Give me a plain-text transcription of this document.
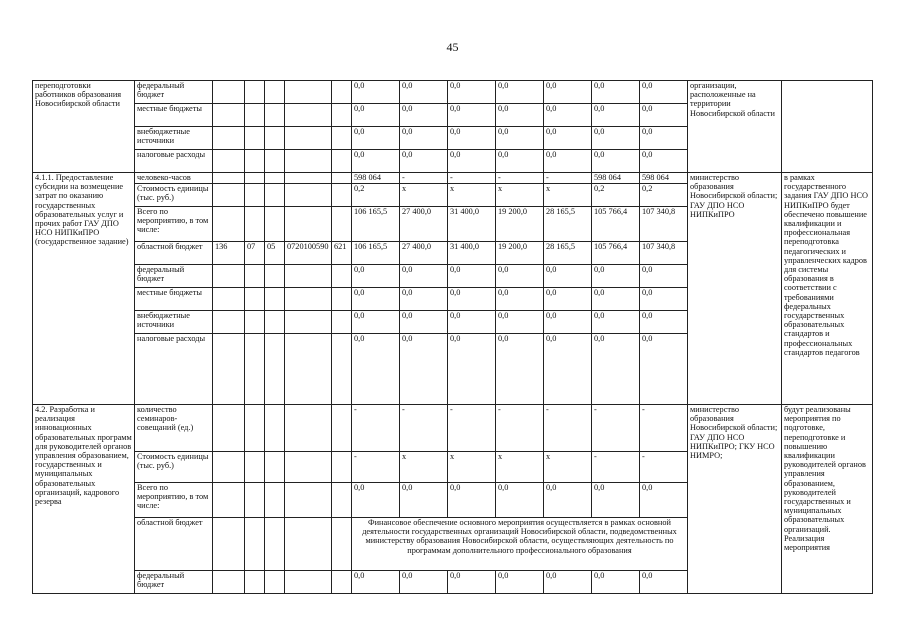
45
переподготовки работников образования Новосибирской области	федеральный бюджет						0,0	0,0	0,0	0,0	0,0	0,0	0,0	организации, расположенные на территории Новосибирской области	
	местные бюджеты						0,0	0,0	0,0	0,0	0,0	0,0	0,0		
	внебюджетные источники						0,0	0,0	0,0	0,0	0,0	0,0	0,0		
	налоговые расходы						0,0	0,0	0,0	0,0	0,0	0,0	0,0		
4.1.1. Предоставление субсидии на возмещение затрат по оказанию государственных образовательных услуг и прочих работ ГАУ ДПО НСО НИПКиПРО (государственное задание)	человеко-часов						598 064	-	-	-	-	598 064	598 064	министерство образования Новосибирской области; ГАУ ДПО НСО НИПКиПРО	в рамках государственного задания ГАУ ДПО НСО НИПКиПРО будет обеспечено повышение квалификации и профессиональная переподготовка педагогических и управленческих кадров для системы образования в соответствии с требованиями федеральных государственных образовательных стандартов и профессиональных стандартов педагогов
	Стоимость единицы (тыс. руб.)						0,2	х	х	х	х	0,2	0,2		
	Всего по мероприятию, в том числе:						106 165,5	27 400,0	31 400,0	19 200,0	28 165,5	105 766,4	107 340,8		
	областной бюджет	136	07	05	0720100590	621	106 165,5	27 400,0	31 400,0	19 200,0	28 165,5	105 766,4	107 340,8		
	федеральный бюджет						0,0	0,0	0,0	0,0	0,0	0,0	0,0		
	местные бюджеты						0,0	0,0	0,0	0,0	0,0	0,0	0,0		
	внебюджетные источники						0,0	0,0	0,0	0,0	0,0	0,0	0,0		
	налоговые расходы						0,0	0,0	0,0	0,0	0,0	0,0	0,0		
4.2. Разработка и реализация инновационных образовательных программ для руководителей органов управления образованием, государственных и муниципальных образовательных организаций, кадрового резерва	количество семинаров-совещаний (ед.)						-	-	-	-	-	-	-	министерство образования Новосибирской области; ГАУ ДПО НСО НИПКиПРО; ГКУ НСО НИМРО;	будут реализованы мероприятия по подготовке, переподготовке и повышению квалификации руководителей органов управления образованием, руководителей государственных и муниципальных образовательных организаций. Реализация мероприятия
	Стоимость единицы (тыс. руб.)						-	х	х	х	х	-	-		
	Всего по мероприятию, в том числе:						0,0	0,0	0,0	0,0	0,0	0,0	0,0		
	областной бюджет						Финансовое обеспечение основного мероприятия осуществляется в рамках основной деятельности государственных организаций Новосибирской области, подведомственных министерству образования Новосибирской области, осуществляющих деятельность по программам дополнительного профессионального образования								
	федеральный бюджет						0,0	0,0	0,0	0,0	0,0	0,0	0,0		
